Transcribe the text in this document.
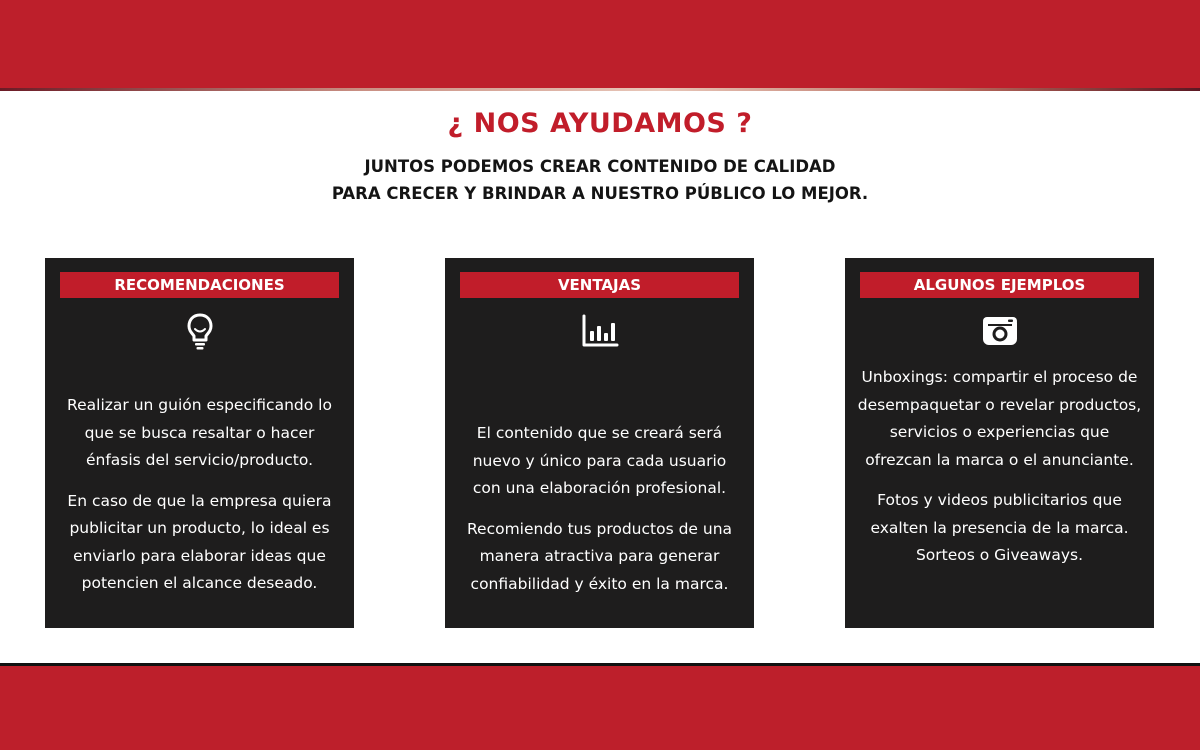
¿ NOS AYUDAMOS ?
JUNTOS PODEMOS CREAR CONTENIDO DE CALIDAD
PARA CRECER Y BRINDAR A NUESTRO PÚBLICO LO MEJOR.
RECOMENDACIONES

Realizar un guión especificando lo que se busca resaltar o hacer énfasis del servicio/producto.

En caso de que la empresa quiera publicitar un producto, lo ideal es enviarlo para elaborar ideas que potencien el alcance deseado.

VENTAJAS

El contenido que se creará será nuevo y único para cada usuario con una elaboración profesional.

Recomiendo tus productos de una manera atractiva para generar confiabilidad y éxito en la marca.

ALGUNOS EJEMPLOS

Unboxings: compartir el proceso de desempaquetar o revelar productos, servicios o experiencias que ofrezcan la marca o el anunciante.

Fotos y videos publicitarios que exalten la presencia de la marca. Sorteos o Giveaways.
